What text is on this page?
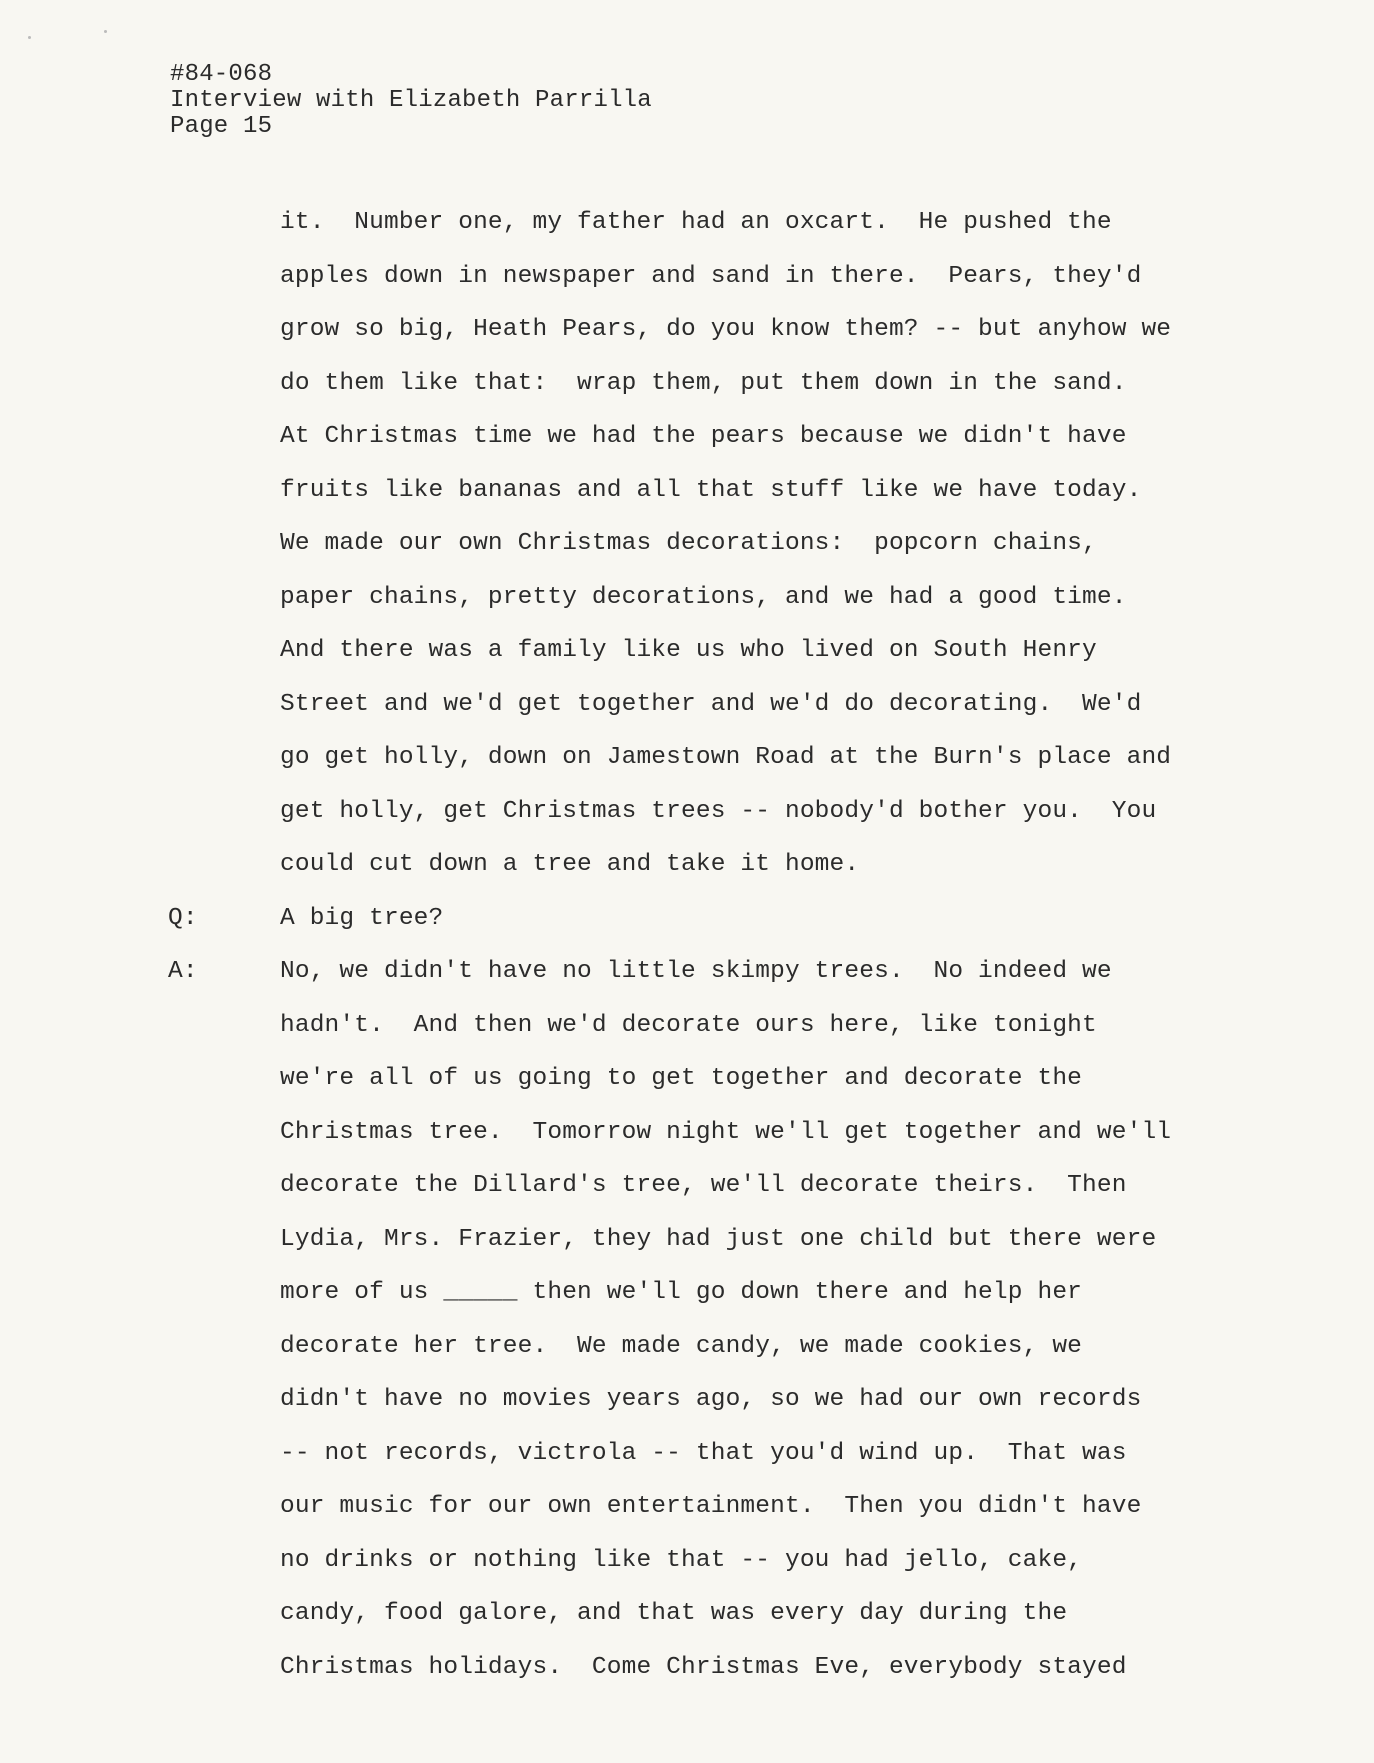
#84-068
Interview with Elizabeth Parrilla
Page 15
it.  Number one, my father had an oxcart.  He pushed the
apples down in newspaper and sand in there.  Pears, they'd
grow so big, Heath Pears, do you know them? -- but anyhow we
do them like that:  wrap them, put them down in the sand.
At Christmas time we had the pears because we didn't have
fruits like bananas and all that stuff like we have today.
We made our own Christmas decorations:  popcorn chains,
paper chains, pretty decorations, and we had a good time.
And there was a family like us who lived on South Henry
Street and we'd get together and we'd do decorating.  We'd
go get holly, down on Jamestown Road at the Burn's place and
get holly, get Christmas trees -- nobody'd bother you.  You
could cut down a tree and take it home.
Q:	A big tree?
A:	No, we didn't have no little skimpy trees.  No indeed we
hadn't.  And then we'd decorate ours here, like tonight
we're all of us going to get together and decorate the
Christmas tree.  Tomorrow night we'll get together and we'll
decorate the Dillard's tree, we'll decorate theirs.  Then
Lydia, Mrs. Frazier, they had just one child but there were
more of us _____ then we'll go down there and help her
decorate her tree.  We made candy, we made cookies, we
didn't have no movies years ago, so we had our own records
-- not records, victrola -- that you'd wind up.  That was
our music for our own entertainment.  Then you didn't have
no drinks or nothing like that -- you had jello, cake,
candy, food galore, and that was every day during the
Christmas holidays.  Come Christmas Eve, everybody stayed
